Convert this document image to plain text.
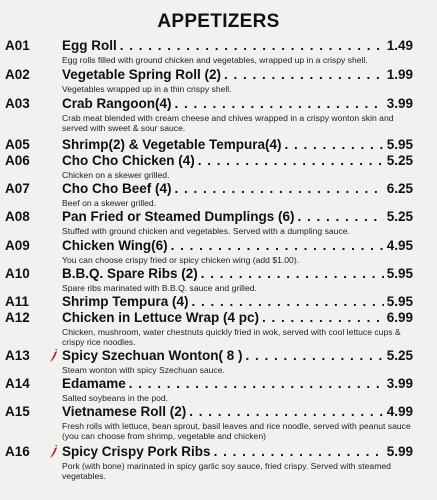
APPETIZERS
A01 Egg Roll . . .	1.49
Egg rolls filled with ground chicken and vegetables, wrapped up in a crispy shell.
A02 Vegetable Spring Roll (2) . . .	1.99
Vegetables wrapped up in a thin crispy shell.
A03 Crab Rangoon(4) . . .	3.99
Crab meat blended with cream cheese and chives wrapped in a crispy wonton skin and served with sweet & sour sauce.
A05 Shrimp(2) & Vegetable Tempura(4) . . .	5.95
A06 Cho Cho Chicken (4) . . .	5.25
Chicken on a skewer grilled.
A07 Cho Cho Beef (4) . . .	6.25
Beef on a skewer grilled.
A08 Pan Fried or Steamed Dumplings (6) . . .	5.25
Stuffed with ground chicken and vegetables. Served with a dumpling sauce.
A09 Chicken Wing(6) . . .	4.95
You can choose crispy fried or spicy chicken wing (add $1.00).
A10 B.B.Q. Spare Ribs (2) . . .	5.95
Spare ribs marinated with B.B.Q. sauce and grilled.
A11 Shrimp Tempura (4) . . .	5.95
A12 Chicken in Lettuce Wrap (4 pc) . . .	6.99
Chicken, mushroom, water chestnuts quickly fried in wok, served with cool lettuce cups & crispy rice noodles.
A13 Spicy Szechuan Wonton( 8 ) . . .	5.25
Steam wonton with spicy Szechuan sauce.
A14 Edamame . . .	3.99
Salted soybeans in the pod.
A15 Vietnamese Roll (2) . . .	4.99
Fresh rolls with lettuce, bean sprout, basil leaves and rice noodle, served with peanut sauce (you can choose from shrimp, vegetable and chicken)
A16 Spicy Crispy Pork Ribs . . .	5.99
Pork (with bone) marinated in spicy garlic soy sauce, fried crispy. Served with steamed vegetables.
